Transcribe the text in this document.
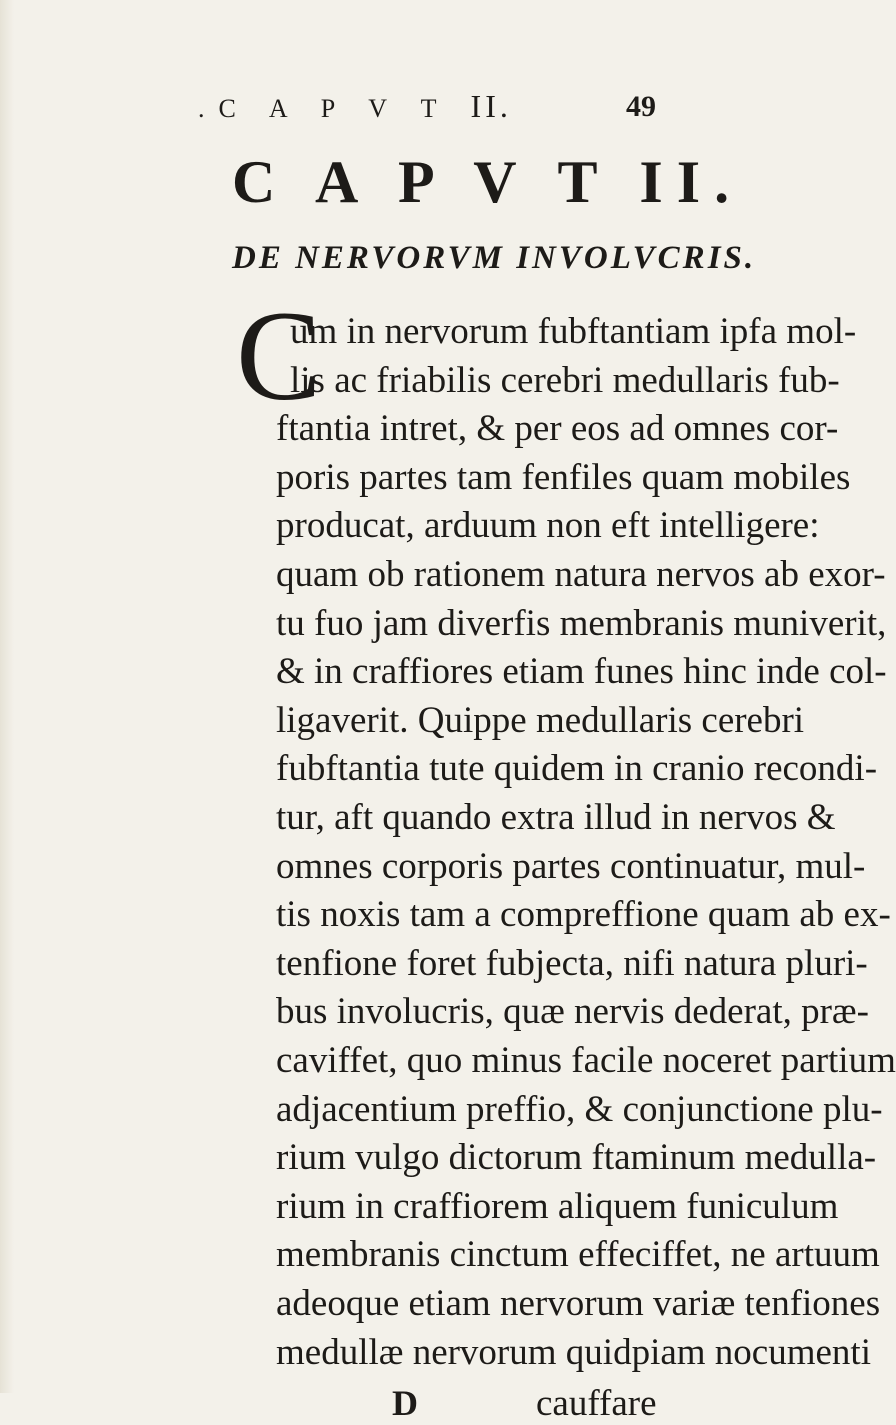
.C A P V T II.	49
C A P V T II.
DE NERVORVM INVOLVCRIS.
C
um in nervorum fubftantiam ipfa mol-
lis ac friabilis cerebri medullaris fub-
ftantia intret, & per eos ad omnes cor-
poris partes tam fenfiles quam mobiles
producat, arduum non eft intelligere:
quam ob rationem natura nervos ab exor-
tu fuo jam diverfis membranis muniverit,
& in craffiores etiam funes hinc inde col-
ligaverit. Quippe medullaris cerebri
fubftantia tute quidem in cranio recondi-
tur, aft quando extra illud in nervos &
omnes corporis partes continuatur, mul-
tis noxis tam a compreffione quam ab ex-
tenfione foret fubjecta, nifi natura pluri-
bus involucris, quæ nervis dederat, præ-
caviffet, quo minus facile noceret partium
adjacentium preffio, & conjunctione plu-
rium vulgo dictorum ftaminum medulla-
rium in craffiorem aliquem funiculum
membranis cinctum effeciffet, ne artuum
adeoque etiam nervorum variæ tenfiones
medullæ nervorum quidpiam nocumenti
D	cauffare
